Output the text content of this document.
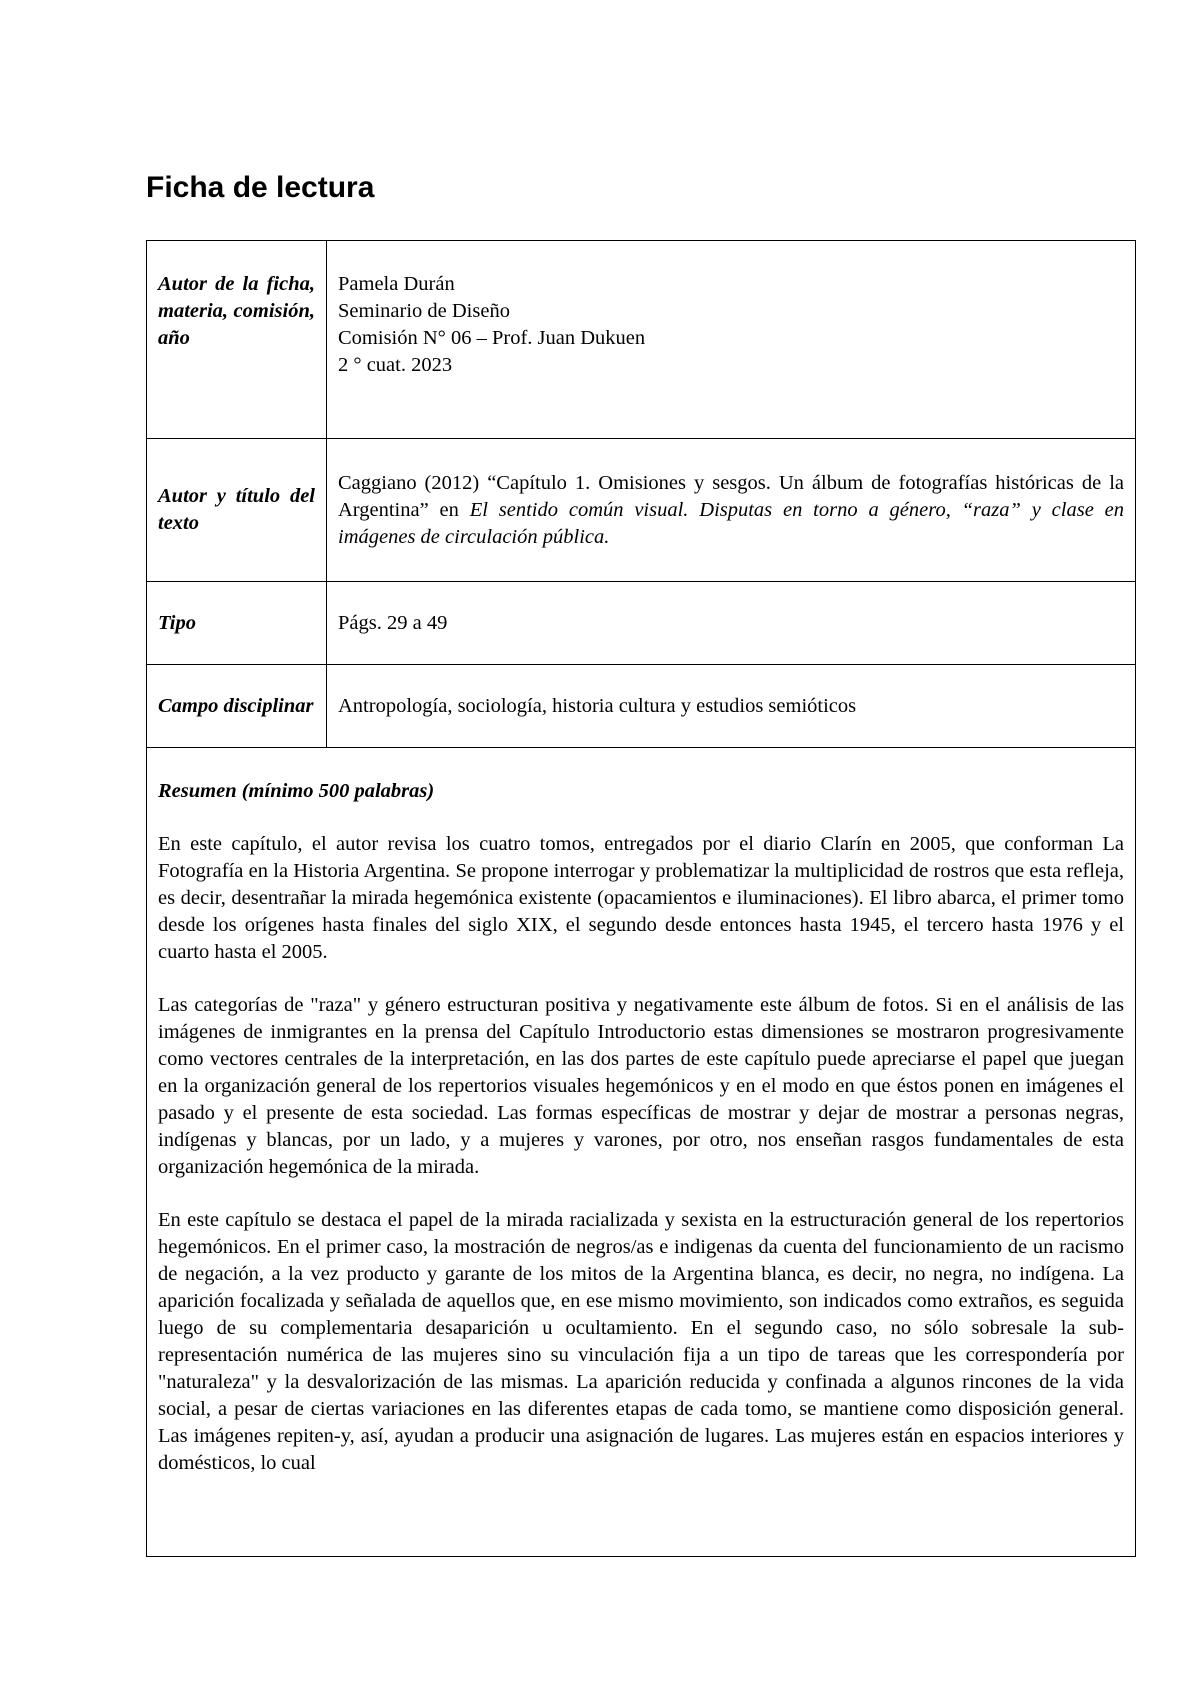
Ficha de lectura
Autor de la ficha, materia, comisión, año	Pamela Durán
Seminario de Diseño
Comisión N° 06 – Prof. Juan Dukuen
2 ° cuat. 2023

Autor y título del texto	Caggiano (2012) “Capítulo 1. Omisiones y sesgos. Un álbum de fotografías históricas de la Argentina” en El sentido común visual. Disputas en torno a género, “raza” y clase en imágenes de circulación pública.
Tipo	Págs. 29 a 49
Campo disciplinar	Antropología, sociología, historia cultura y estudios semióticos

Resumen (mínimo 500 palabras)

En este capítulo, el autor revisa los cuatro tomos, entregados por el diario Clarín en 2005, que conforman La Fotografía en la Historia Argentina. Se propone interrogar y problematizar la multiplicidad de rostros que esta refleja, es decir, desentrañar la mirada hegemónica existente (opacamientos e iluminaciones). El libro abarca, el primer tomo desde los orígenes hasta finales del siglo XIX, el segundo desde entonces hasta 1945, el tercero hasta 1976 y el cuarto hasta el 2005.

Las categorías de "raza" y género estructuran positiva y negativamente este álbum de fotos. Si en el análisis de las imágenes de inmigrantes en la prensa del Capítulo Introductorio estas dimensiones se mostraron progresivamente como vectores centrales de la interpretación, en las dos partes de este capítulo puede apreciarse el papel que juegan en la organización general de los repertorios visuales hegemónicos y en el modo en que éstos ponen en imágenes el pasado y el presente de esta sociedad. Las formas específicas de mostrar y dejar de mostrar a personas negras, indígenas y blancas, por un lado, y a mujeres y varones, por otro, nos enseñan rasgos fundamentales de esta organización hegemónica de la mirada.

En este capítulo se destaca el papel de la mirada racializada y sexista en la estructuración general de los repertorios hegemónicos. En el primer caso, la mostración de negros/as e indigenas da cuenta del funcionamiento de un racismo de negación, a la vez producto y garante de los mitos de la Argentina blanca, es decir, no negra, no indígena. La aparición focalizada y señalada de aquellos que, en ese mismo movimiento, son indicados como extraños, es seguida luego de su complementaria desaparición u ocultamiento. En el segundo caso, no sólo sobresale la sub-representación numérica de las mujeres sino su vinculación fija a un tipo de tareas que les correspondería por "naturaleza" y la desvalorización de las mismas. La aparición reducida y confinada a algunos rincones de la vida social, a pesar de ciertas variaciones en las diferentes etapas de cada tomo, se mantiene como disposición general. Las imágenes repiten-y, así, ayudan a producir una asignación de lugares. Las mujeres están en espacios interiores y domésticos, lo cual	
